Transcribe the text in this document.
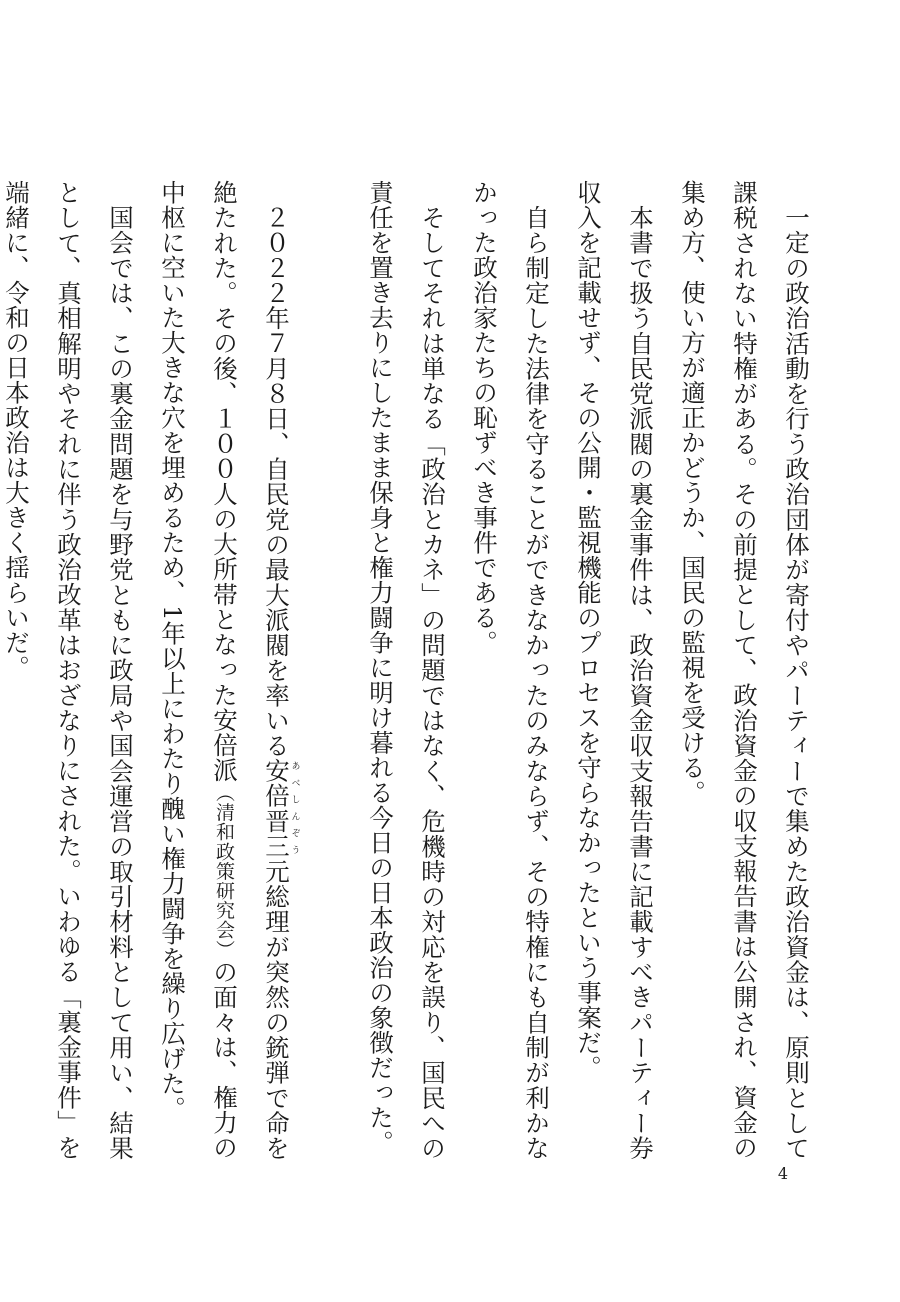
一定の政治活動を行う政治団体が寄付やパーティーで集めた政治資金は、原則として課税されない特権がある。その前提として、政治資金の収支報告書は公開され、資金の集め方、使い方が適正かどうか、国民の監視を受ける。

本書で扱う自民党派閥の裏金事件は、政治資金収支報告書に記載すべきパーティー券収入を記載せず、その公開・監視機能のプロセスを守らなかったという事案だ。

自ら制定した法律を守ることができなかったのみならず、その特権にも自制が利かなかった政治家たちの恥ずべき事件である。

そしてそれは単なる「政治とカネ」の問題ではなく、危機時の対応を誤り、国民への責任を置き去りにしたまま保身と権力闘争に明け暮れる今日の日本政治の象徴だった。

２０２２年７月８日、自民党の最大派閥を率いる安倍晋三あべしんぞう元総理が突然の銃弾で命を絶たれた。その後、１００人の大所帯となった安倍派（清和政策研究会）の面々は、権力の中枢に空いた大きな穴を埋めるため、1年以上にわたり醜い権力闘争を繰り広げた。

国会では、この裏金問題を与野党ともに政局や国会運営の取引材料として用い、結果として、真相解明やそれに伴う政治改革はおざなりにされた。いわゆる「裏金事件」を端緒に、令和の日本政治は大きく揺らいだ。

4
